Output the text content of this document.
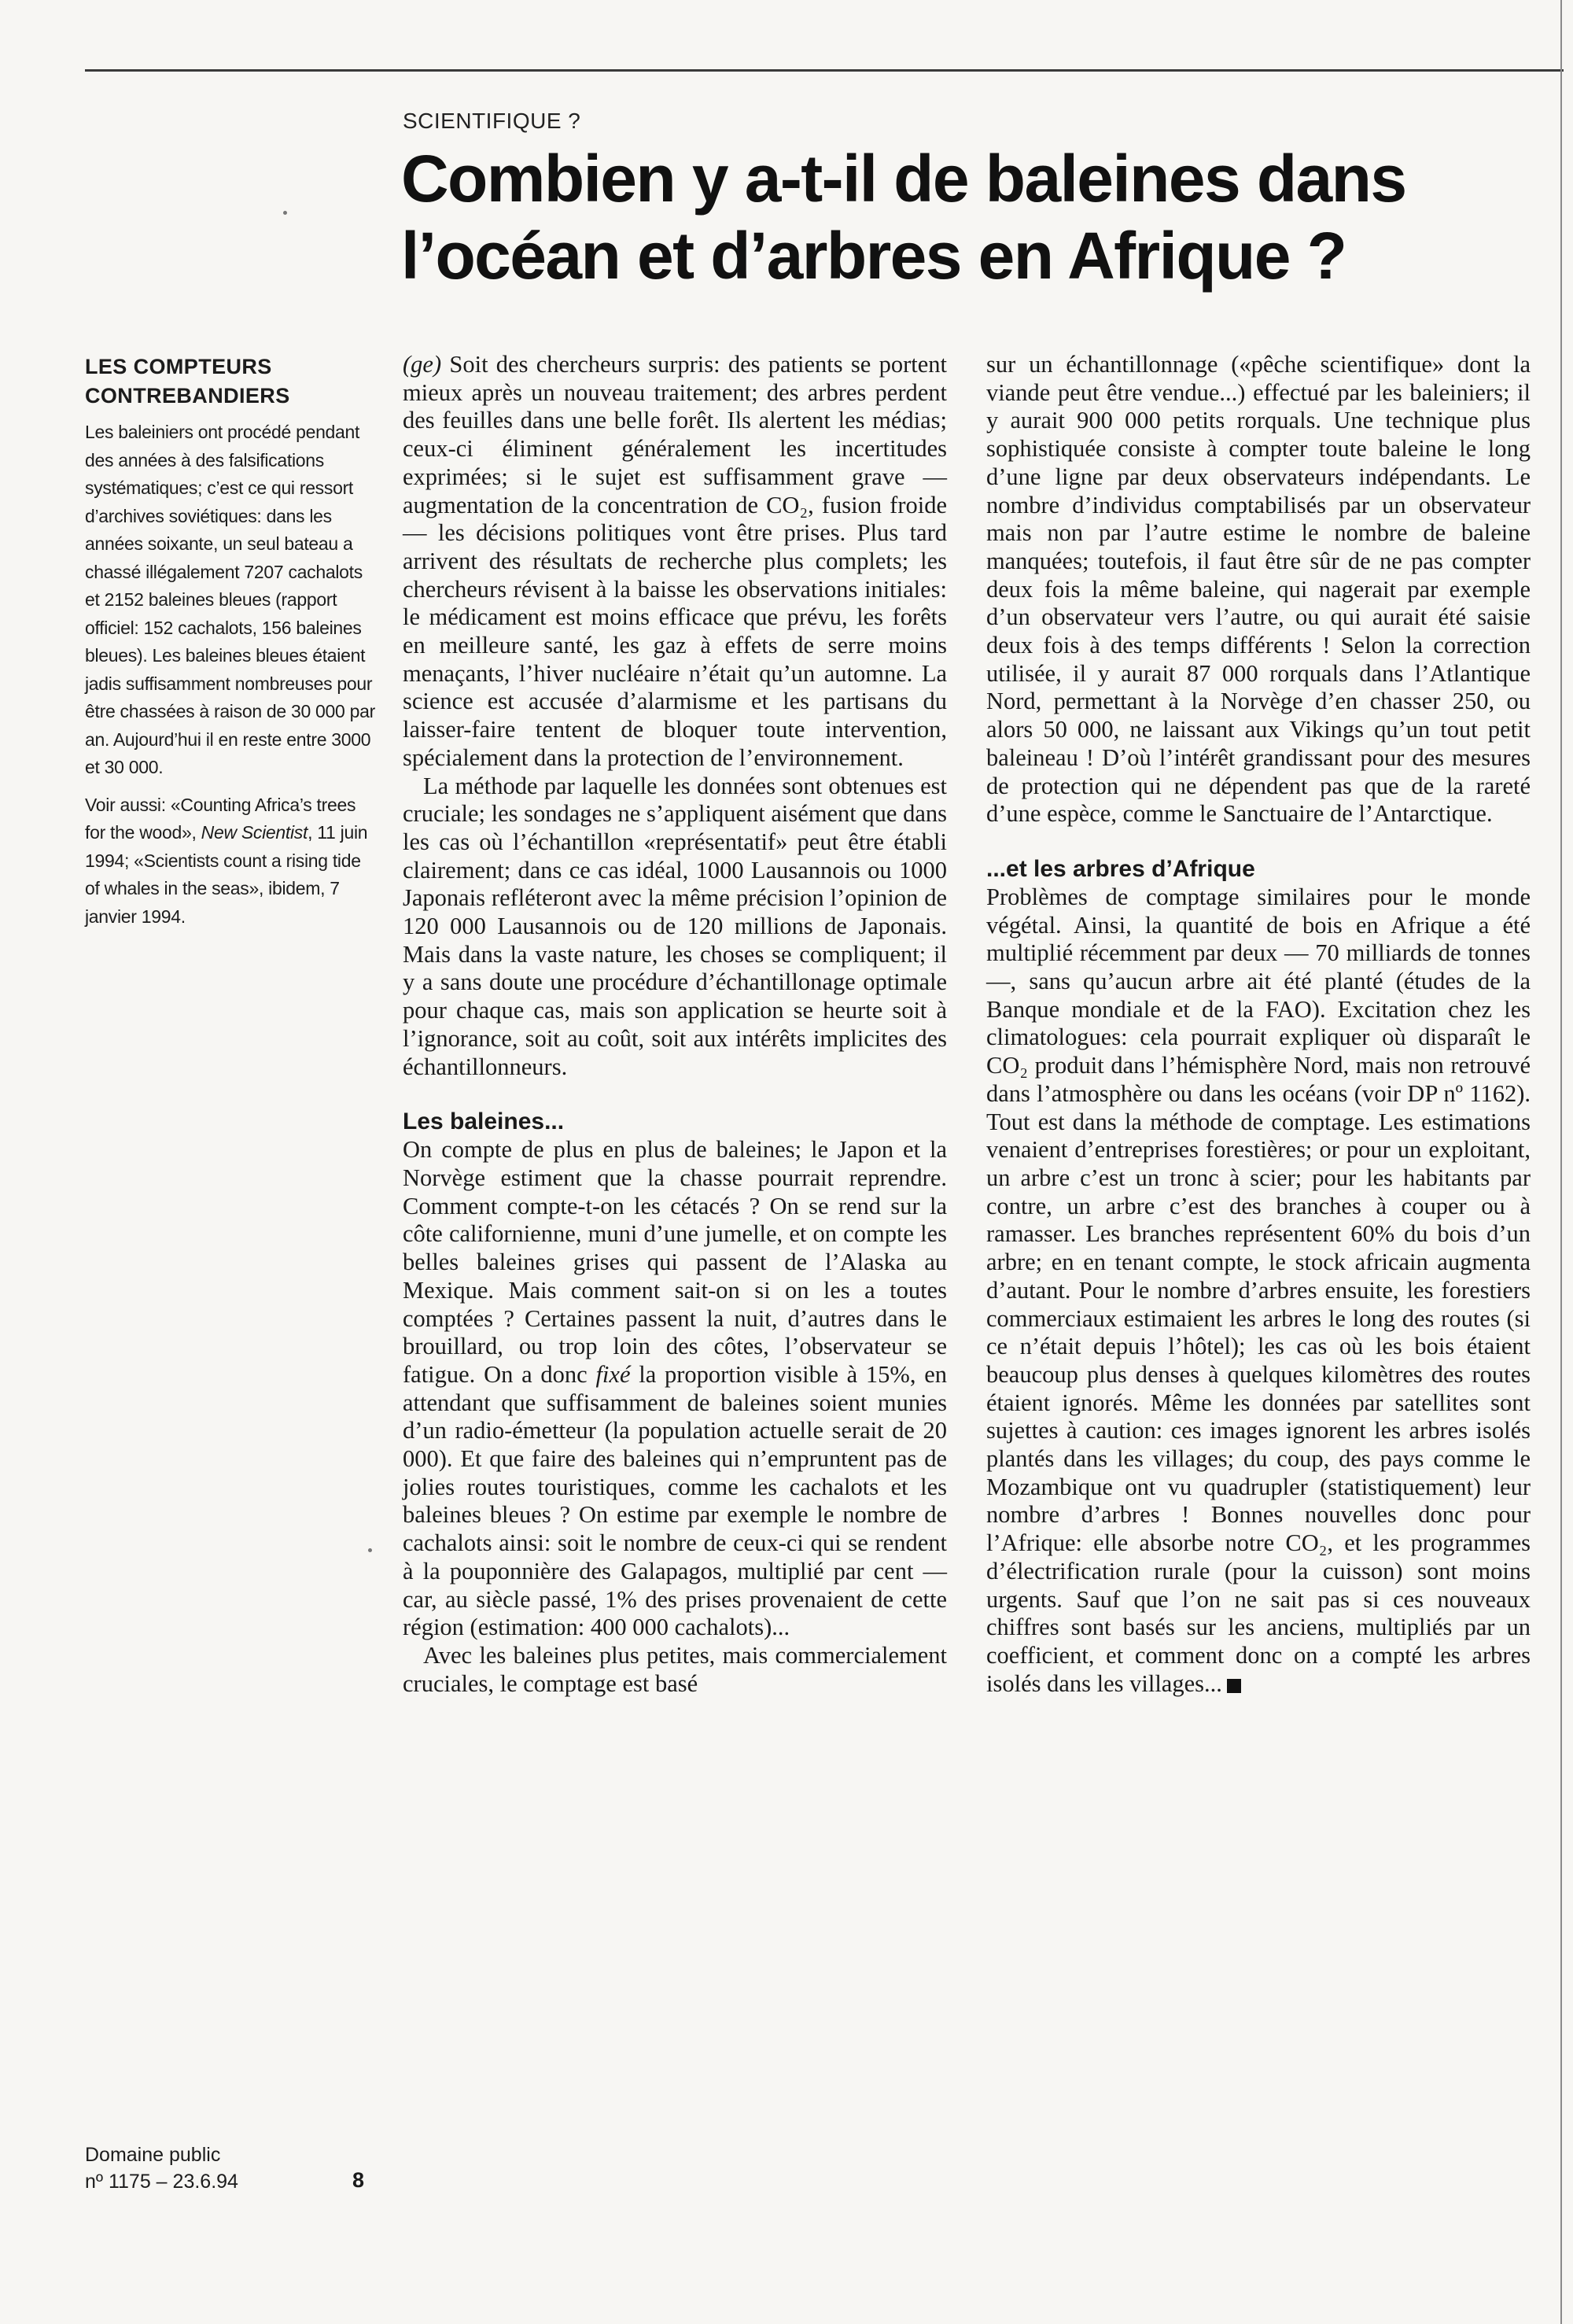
SCIENTIFIQUE ?
Combien y a-t-il de baleines dans l’océan et d’arbres en Afrique ?

LES COMPTEURS CONTREBANDIERS

Les baleiniers ont procédé pendant des années à des falsifications systématiques; c’est ce qui ressort d’archives soviétiques: dans les années soixante, un seul bateau a chassé illégalement 7207 cachalots et 2152 baleines bleues (rapport officiel: 152 cachalots, 156 baleines bleues). Les baleines bleues étaient jadis suffisamment nombreuses pour être chassées à raison de 30 000 par an. Aujourd’hui il en reste entre 3000 et 30 000.

Voir aussi: «Counting Africa’s trees for the wood», New Scientist, 11 juin 1994; «Scientists count a rising tide of whales in the seas», ibidem, 7 janvier 1994.

Domaine public
nº 1175 – 23.6.94	8

(ge) Soit des chercheurs surpris: des patients se portent mieux après un nouveau traitement; des arbres perdent des feuilles dans une belle forêt. Ils alertent les médias; ceux-ci éliminent généralement les incertitudes exprimées; si le sujet est suffisamment grave — augmentation de la concentration de CO₂, fusion froide — les décisions politiques vont être prises. Plus tard arrivent des résultats de recherche plus complets; les chercheurs révisent à la baisse les observations initiales: le médicament est moins efficace que prévu, les forêts en meilleure santé, les gaz à effets de serre moins menaçants, l’hiver nucléaire n’était qu’un automne. La science est accusée d’alarmisme et les partisans du laisser-faire tentent de bloquer toute intervention, spécialement dans la protection de l’environnement.

La méthode par laquelle les données sont obtenues est cruciale; les sondages ne s’appliquent aisément que dans les cas où l’échantillon «représentatif» peut être établi clairement; dans ce cas idéal, 1000 Lausannois ou 1000 Japonais refléteront avec la même précision l’opinion de 120 000 Lausannois ou de 120 millions de Japonais. Mais dans la vaste nature, les choses se compliquent; il y a sans doute une procédure d’échantillonage optimale pour chaque cas, mais son application se heurte soit à l’ignorance, soit au coût, soit aux intérêts implicites des échantillonneurs.

Les baleines...

On compte de plus en plus de baleines; le Japon et la Norvège estiment que la chasse pourrait reprendre. Comment compte-t-on les cétacés ? On se rend sur la côte californienne, muni d’une jumelle, et on compte les belles baleines grises qui passent de l’Alaska au Mexique. Mais comment sait-on si on les a toutes comptées ? Certaines passent la nuit, d’autres dans le brouillard, ou trop loin des côtes, l’observateur se fatigue. On a donc fixé la proportion visible à 15%, en attendant que suffisamment de baleines soient munies d’un radio-émetteur (la population actuelle serait de 20 000). Et que faire des baleines qui n’empruntent pas de jolies routes touristiques, comme les cachalots et les baleines bleues ? On estime par exemple le nombre de cachalots ainsi: soit le nombre de ceux-ci qui se rendent à la pouponnière des Galapagos, multiplié par cent — car, au siècle passé, 1% des prises provenaient de cette région (estimation: 400 000 cachalots)...

Avec les baleines plus petites, mais commercialement cruciales, le comptage est basé

sur un échantillonnage («pêche scientifique» dont la viande peut être vendue...) effectué par les baleiniers; il y aurait 900 000 petits rorquals. Une technique plus sophistiquée consiste à compter toute baleine le long d’une ligne par deux observateurs indépendants. Le nombre d’individus comptabilisés par un observateur mais non par l’autre estime le nombre de baleine manquées; toutefois, il faut être sûr de ne pas compter deux fois la même baleine, qui nagerait par exemple d’un observateur vers l’autre, ou qui aurait été saisie deux fois à des temps différents ! Selon la correction utilisée, il y aurait 87 000 rorquals dans l’Atlantique Nord, permettant à la Norvège d’en chasser 250, ou alors 50 000, ne laissant aux Vikings qu’un tout petit baleineau ! D’où l’intérêt grandissant pour des mesures de protection qui ne dépendent pas que de la rareté d’une espèce, comme le Sanctuaire de l’Antarctique.

...et les arbres d’Afrique

Problèmes de comptage similaires pour le monde végétal. Ainsi, la quantité de bois en Afrique a été multiplié récemment par deux — 70 milliards de tonnes —, sans qu’aucun arbre ait été planté (études de la Banque mondiale et de la FAO). Excitation chez les climatologues: cela pourrait expliquer où disparaît le CO₂ produit dans l’hémisphère Nord, mais non retrouvé dans l’atmosphère ou dans les océans (voir DP nº 1162). Tout est dans la méthode de comptage. Les estimations venaient d’entreprises forestières; or pour un exploitant, un arbre c’est un tronc à scier; pour les habitants par contre, un arbre c’est des branches à couper ou à ramasser. Les branches représentent 60% du bois d’un arbre; en en tenant compte, le stock africain augmenta d’autant. Pour le nombre d’arbres ensuite, les forestiers commerciaux estimaient les arbres le long des routes (si ce n’était depuis l’hôtel); les cas où les bois étaient beaucoup plus denses à quelques kilomètres des routes étaient ignorés. Même les données par satellites sont sujettes à caution: ces images ignorent les arbres isolés plantés dans les villages; du coup, des pays comme le Mozambique ont vu quadrupler (statistiquement) leur nombre d’arbres ! Bonnes nouvelles donc pour l’Afrique: elle absorbe notre CO₂, et les programmes d’électrification rurale (pour la cuisson) sont moins urgents. Sauf que l’on ne sait pas si ces nouveaux chiffres sont basés sur les anciens, multipliés par un coefficient, et comment donc on a compté les arbres isolés dans les villages...
